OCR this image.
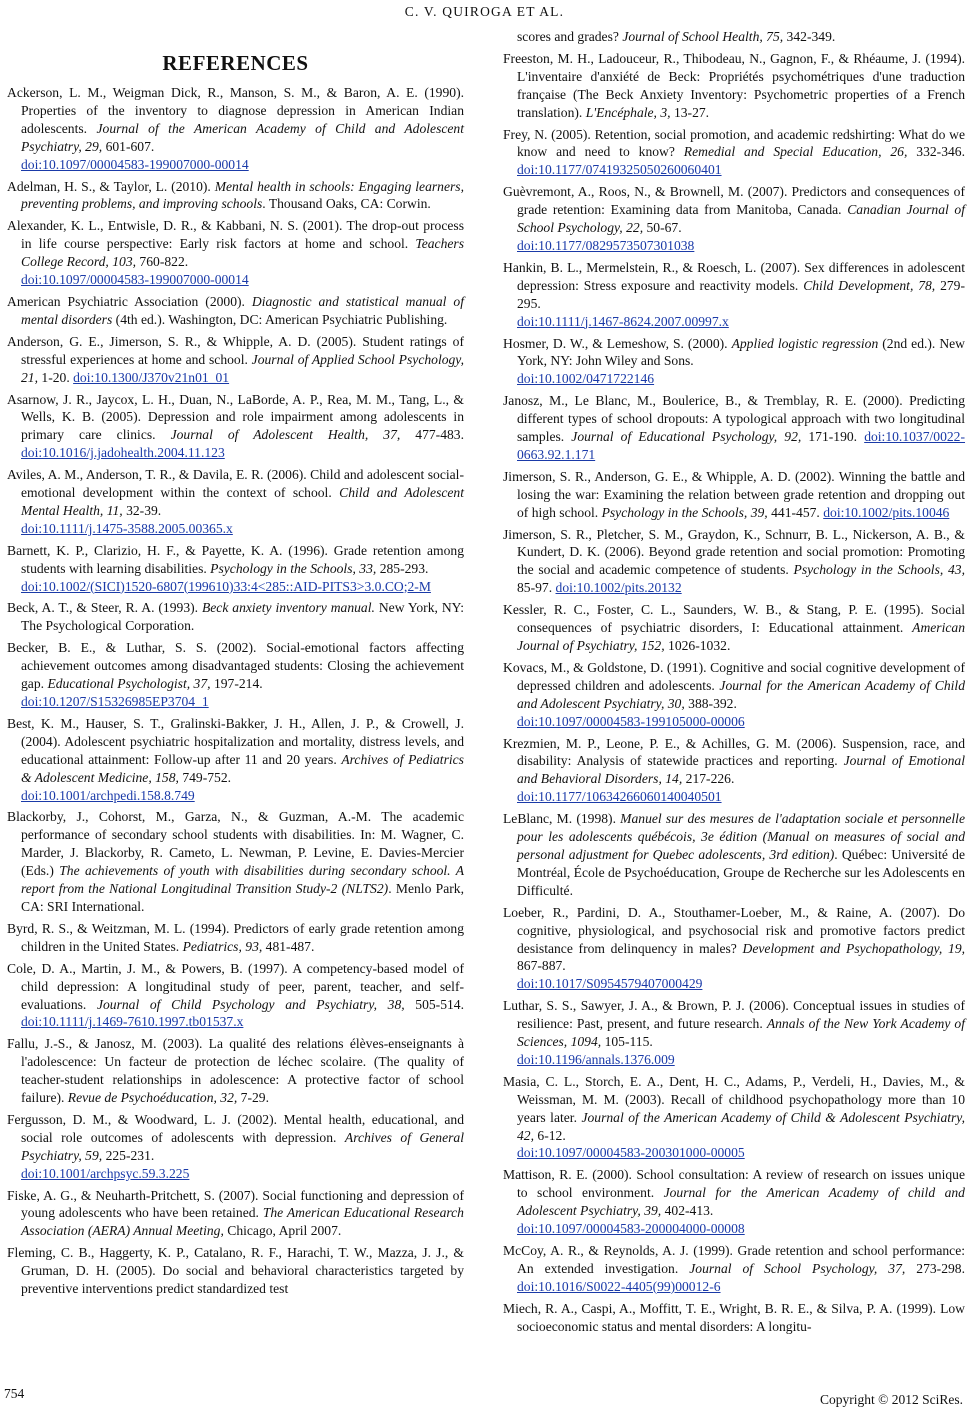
C. V. QUIROGA ET AL.
REFERENCES
Ackerson, L. M., Weigman Dick, R., Manson, S. M., & Baron, A. E. (1990). Properties of the inventory to diagnose depression in American Indian adolescents. Journal of the American Academy of Child and Adolescent Psychiatry, 29, 601-607.
doi:10.1097/00004583-199007000-00014
Adelman, H. S., & Taylor, L. (2010). Mental health in schools: Engaging learners, preventing problems, and improving schools. Thousand Oaks, CA: Corwin.
Alexander, K. L., Entwisle, D. R., & Kabbani, N. S. (2001). The drop-out process in life course perspective: Early risk factors at home and school. Teachers College Record, 103, 760-822.
doi:10.1097/00004583-199007000-00014
American Psychiatric Association (2000). Diagnostic and statistical manual of mental disorders (4th ed.). Washington, DC: American Psychiatric Publishing.
Anderson, G. E., Jimerson, S. R., & Whipple, A. D. (2005). Student ratings of stressful experiences at home and school. Journal of Applied School Psychology, 21, 1-20. doi:10.1300/J370v21n01_01
Asarnow, J. R., Jaycox, L. H., Duan, N., LaBorde, A. P., Rea, M. M., Tang, L., & Wells, K. B. (2005). Depression and role impairment among adolescents in primary care clinics. Journal of Adolescent Health, 37, 477-483. doi:10.1016/j.jadohealth.2004.11.123
Aviles, A. M., Anderson, T. R., & Davila, E. R. (2006). Child and adolescent social-emotional development within the context of school. Child and Adolescent Mental Health, 11, 32-39.
doi:10.1111/j.1475-3588.2005.00365.x
Barnett, K. P., Clarizio, H. F., & Payette, K. A. (1996). Grade retention among students with learning disabilities. Psychology in the Schools, 33, 285-293.
doi:10.1002/(SICI)1520-6807(199610)33:4<285::AID-PITS3>3.0.CO;2-M
Beck, A. T., & Steer, R. A. (1993). Beck anxiety inventory manual. New York, NY: The Psychological Corporation.
Becker, B. E., & Luthar, S. S. (2002). Social-emotional factors affecting achievement outcomes among disadvantaged students: Closing the achievement gap. Educational Psychologist, 37, 197-214.
doi:10.1207/S15326985EP3704_1
Best, K. M., Hauser, S. T., Gralinski-Bakker, J. H., Allen, J. P., & Crowell, J. (2004). Adolescent psychiatric hospitalization and mortality, distress levels, and educational attainment: Follow-up after 11 and 20 years. Archives of Pediatrics & Adolescent Medicine, 158, 749-752.
doi:10.1001/archpedi.158.8.749
Blackorby, J., Cohorst, M., Garza, N., & Guzman, A.-M. The academic performance of secondary school students with disabilities. In: M. Wagner, C. Marder, J. Blackorby, R. Cameto, L. Newman, P. Levine, E. Davies-Mercier (Eds.) The achievements of youth with disabilities during secondary school. A report from the National Longitudinal Transition Study-2 (NLTS2). Menlo Park, CA: SRI International.
Byrd, R. S., & Weitzman, M. L. (1994). Predictors of early grade retention among children in the United States. Pediatrics, 93, 481-487.
Cole, D. A., Martin, J. M., & Powers, B. (1997). A competency-based model of child depression: A longitudinal study of peer, parent, teacher, and self-evaluations. Journal of Child Psychology and Psychiatry, 38, 505-514. doi:10.1111/j.1469-7610.1997.tb01537.x
Fallu, J.-S., & Janosz, M. (2003). La qualité des relations élèves-enseignants à l'adolescence: Un facteur de protection de léchec scolaire. (The quality of teacher-student relationships in adolescence: A protective factor of school failure). Revue de Psychoéducation, 32, 7-29.
Fergusson, D. M., & Woodward, L. J. (2002). Mental health, educational, and social role outcomes of adolescents with depression. Archives of General Psychiatry, 59, 225-231.
doi:10.1001/archpsyc.59.3.225
Fiske, A. G., & Neuharth-Pritchett, S. (2007). Social functioning and depression of young adolescents who have been retained. The American Educational Research Association (AERA) Annual Meeting, Chicago, April 2007.
Fleming, C. B., Haggerty, K. P., Catalano, R. F., Harachi, T. W., Mazza, J. J., & Gruman, D. H. (2005). Do social and behavioral characteristics targeted by preventive interventions predict standardized test
scores and grades? Journal of School Health, 75, 342-349.
Freeston, M. H., Ladouceur, R., Thibodeau, N., Gagnon, F., & Rhéaume, J. (1994). L'inventaire d'anxiété de Beck: Propriétés psychométriques d'une traduction française (The Beck Anxiety Inventory: Psychometric properties of a French translation). L'Encéphale, 3, 13-27.
Frey, N. (2005). Retention, social promotion, and academic redshirting: What do we know and need to know? Remedial and Special Education, 26, 332-346. doi:10.1177/07419325050260060401
Guèvremont, A., Roos, N., & Brownell, M. (2007). Predictors and consequences of grade retention: Examining data from Manitoba, Canada. Canadian Journal of School Psychology, 22, 50-67.
doi:10.1177/0829573507301038
Hankin, B. L., Mermelstein, R., & Roesch, L. (2007). Sex differences in adolescent depression: Stress exposure and reactivity models. Child Development, 78, 279-295.
doi:10.1111/j.1467-8624.2007.00997.x
Hosmer, D. W., & Lemeshow, S. (2000). Applied logistic regression (2nd ed.). New York, NY: John Wiley and Sons.
doi:10.1002/0471722146
Janosz, M., Le Blanc, M., Boulerice, B., & Tremblay, R. E. (2000). Predicting different types of school dropouts: A typological approach with two longitudinal samples. Journal of Educational Psychology, 92, 171-190. doi:10.1037/0022-0663.92.1.171
Jimerson, S. R., Anderson, G. E., & Whipple, A. D. (2002). Winning the battle and losing the war: Examining the relation between grade retention and dropping out of high school. Psychology in the Schools, 39, 441-457. doi:10.1002/pits.10046
Jimerson, S. R., Pletcher, S. M., Graydon, K., Schnurr, B. L., Nickerson, A. B., & Kundert, D. K. (2006). Beyond grade retention and social promotion: Promoting the social and academic competence of students. Psychology in the Schools, 43, 85-97. doi:10.1002/pits.20132
Kessler, R. C., Foster, C. L., Saunders, W. B., & Stang, P. E. (1995). Social consequences of psychiatric disorders, I: Educational attainment. American Journal of Psychiatry, 152, 1026-1032.
Kovacs, M., & Goldstone, D. (1991). Cognitive and social cognitive development of depressed children and adolescents. Journal for the American Academy of Child and Adolescent Psychiatry, 30, 388-392.
doi:10.1097/00004583-199105000-00006
Krezmien, M. P., Leone, P. E., & Achilles, G. M. (2006). Suspension, race, and disability: Analysis of statewide practices and reporting. Journal of Emotional and Behavioral Disorders, 14, 217-226.
doi:10.1177/10634266060140040501
LeBlanc, M. (1998). Manuel sur des mesures de l'adaptation sociale et personnelle pour les adolescents québécois, 3e édition (Manual on measures of social and personal adjustment for Quebec adolescents, 3rd edition). Québec: Université de Montréal, École de Psychoéducation, Groupe de Recherche sur les Adolescents en Difficulté.
Loeber, R., Pardini, D. A., Stouthamer-Loeber, M., & Raine, A. (2007). Do cognitive, physiological, and psychosocial risk and promotive factors predict desistance from delinquency in males? Development and Psychopathology, 19, 867-887.
doi:10.1017/S0954579407000429
Luthar, S. S., Sawyer, J. A., & Brown, P. J. (2006). Conceptual issues in studies of resilience: Past, present, and future research. Annals of the New York Academy of Sciences, 1094, 105-115.
doi:10.1196/annals.1376.009
Masia, C. L., Storch, E. A., Dent, H. C., Adams, P., Verdeli, H., Davies, M., & Weissman, M. M. (2003). Recall of childhood psychopathology more than 10 years later. Journal of the American Academy of Child & Adolescent Psychiatry, 42, 6-12.
doi:10.1097/00004583-200301000-00005
Mattison, R. E. (2000). School consultation: A review of research on issues unique to school environment. Journal for the American Academy of child and Adolescent Psychiatry, 39, 402-413.
doi:10.1097/00004583-200004000-00008
McCoy, A. R., & Reynolds, A. J. (1999). Grade retention and school performance: An extended investigation. Journal of School Psychology, 37, 273-298. doi:10.1016/S0022-4405(99)00012-6
Miech, R. A., Caspi, A., Moffitt, T. E., Wright, B. R. E., & Silva, P. A. (1999). Low socioeconomic status and mental disorders: A longitu-
754	Copyright © 2012 SciRes.
